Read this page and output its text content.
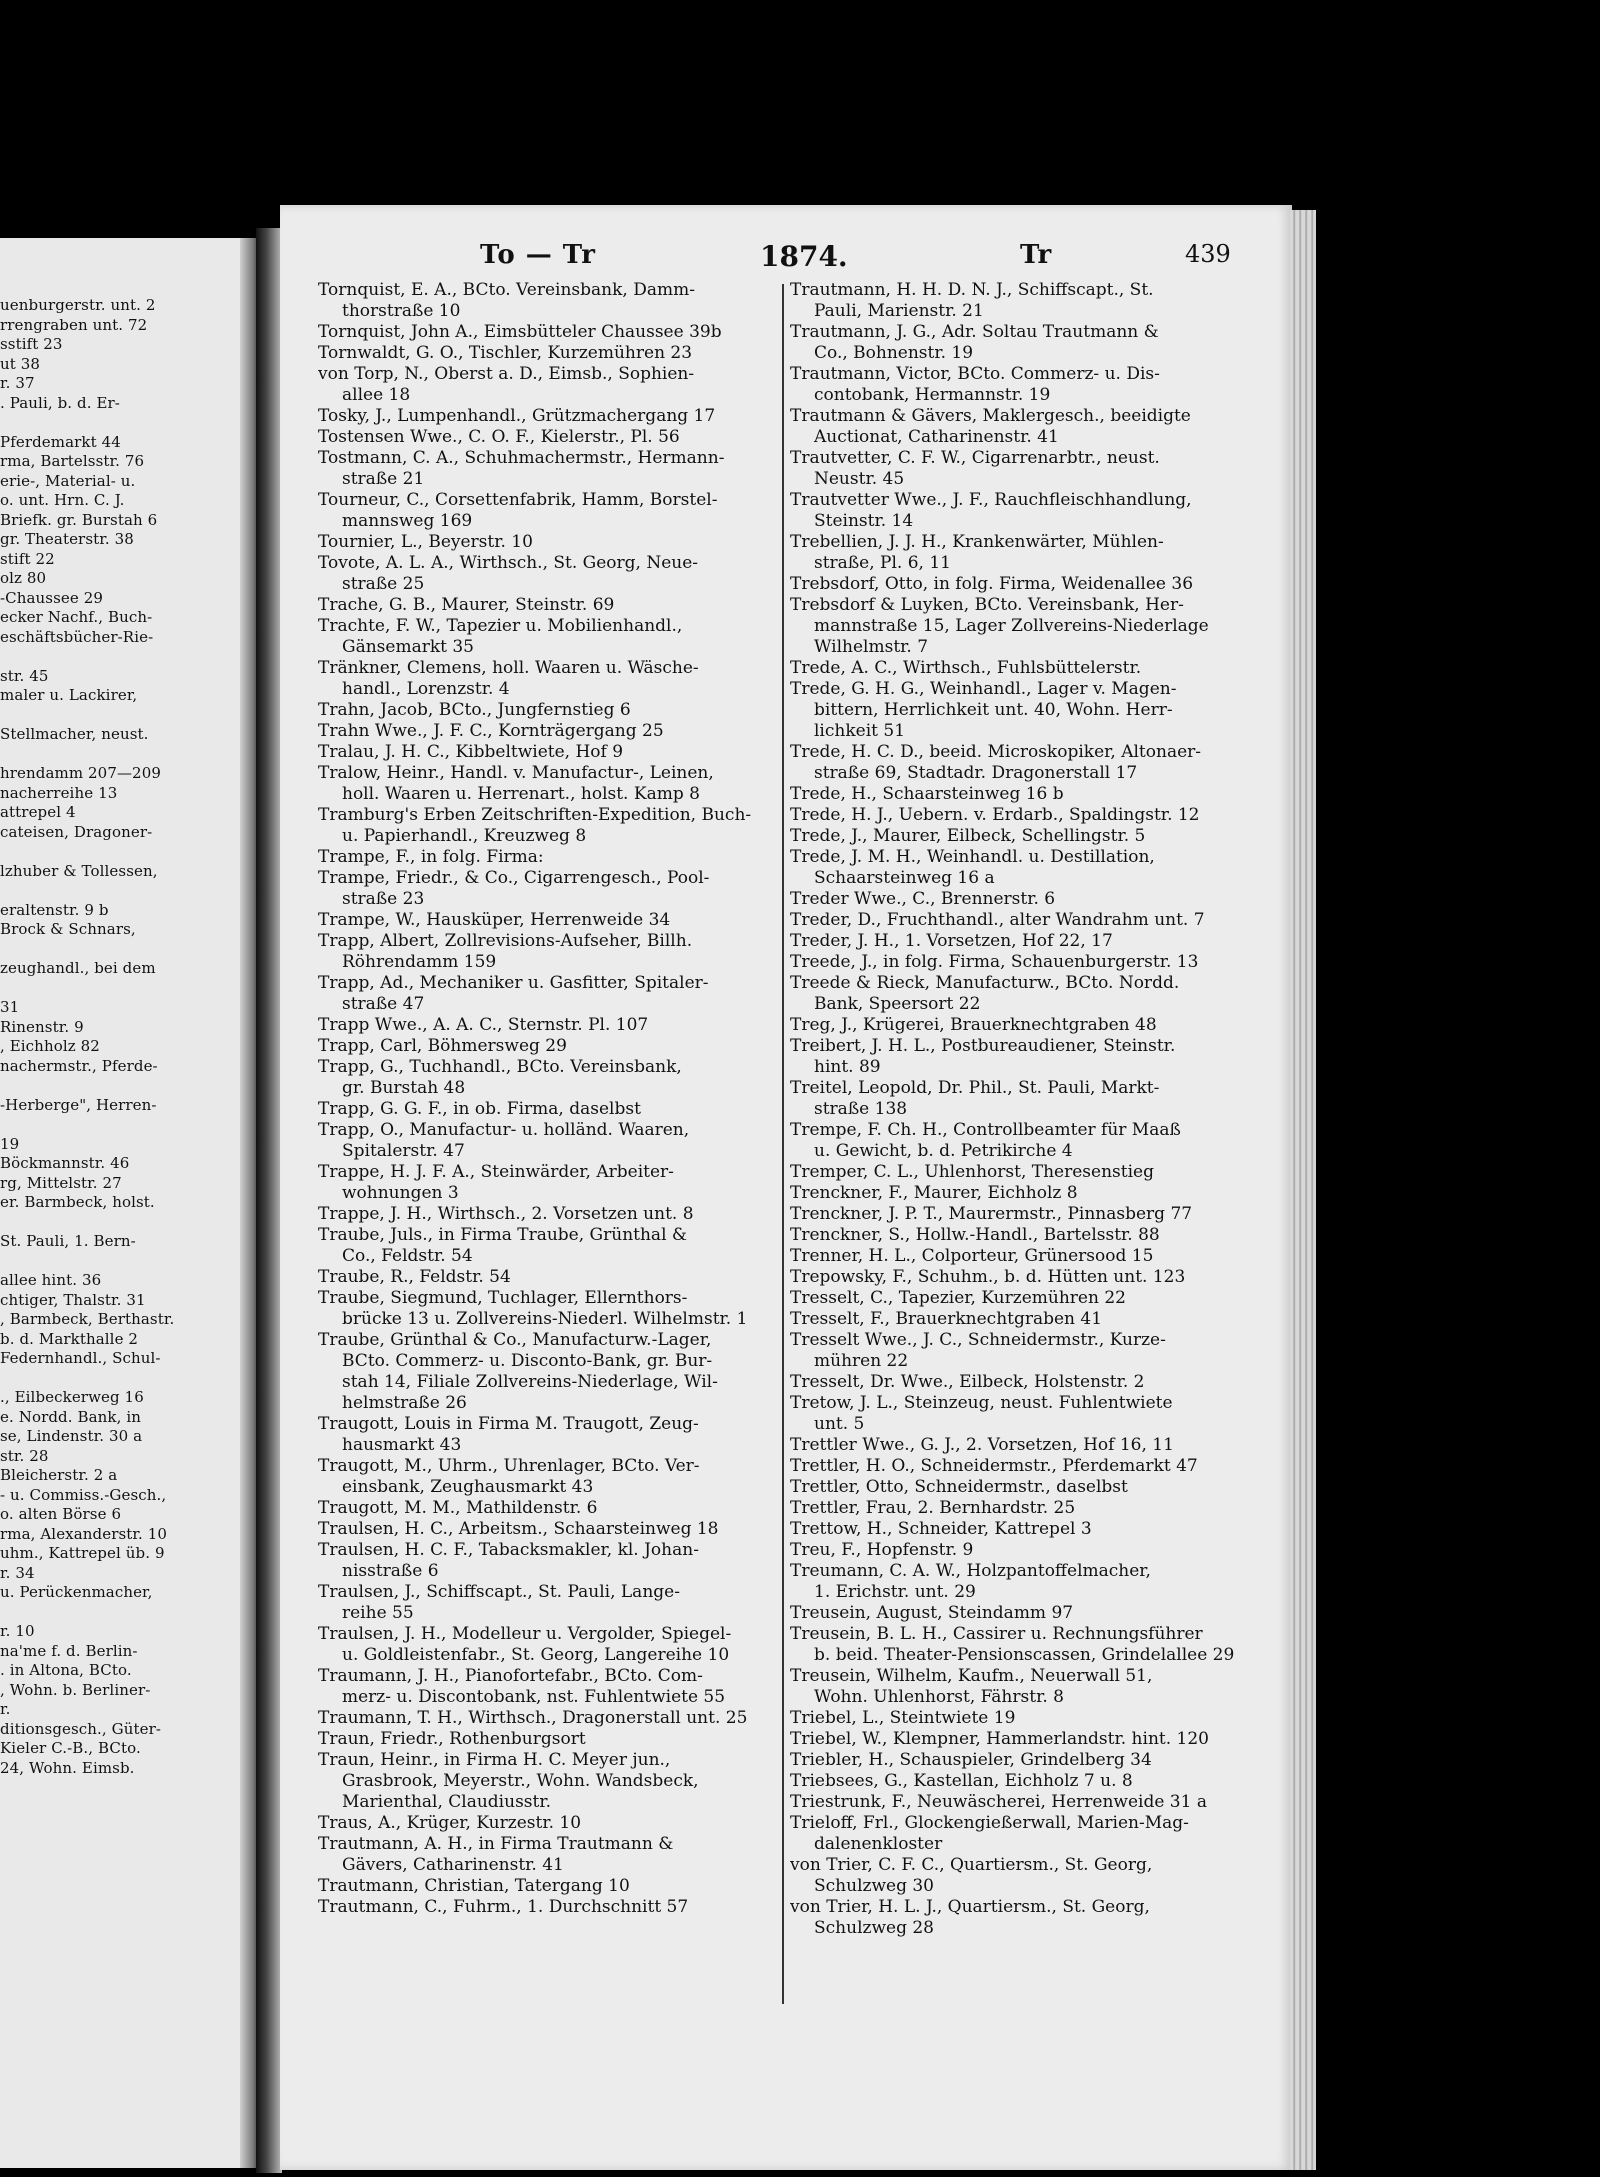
uenburgerstr. unt. 2
rrengraben unt. 72
sstift 23
ut 38
r. 37
. Pauli, b. d. Er-
Pferdemarkt 44
rma, Bartelsstr. 76
erie-, Material- u.
o. unt. Hrn. C. J.
Briefk. gr. Burstah 6
gr. Theaterstr. 38
stift 22
olz 80
-Chaussee 29
ecker Nachf., Buch-
eschäftsbücher-Rie-
str. 45
maler u. Lackirer,
Stellmacher, neust.
hrendamm 207—209
nacherreihe 13
attrepel 4
cateisen, Dragoner-
lzhuber & Tollessen,
eraltenstr. 9 b
Brock & Schnars,
zeughandl., bei dem
31
Rinenstr. 9
, Eichholz 82
nachermstr., Pferde-
-Herberge", Herren-
19
Böckmannstr. 46
rg, Mittelstr. 27
er. Barmbeck, holst.
St. Pauli, 1. Bern-
allee hint. 36
chtiger, Thalstr. 31
, Barmbeck, Berthastr.
b. d. Markthalle 2
Federnhandl., Schul-
., Eilbeckerweg 16
e. Nordd. Bank, in
se, Lindenstr. 30 a
str. 28
Bleicherstr. 2 a
- u. Commiss.-Gesch.,
o. alten Börse 6
rma, Alexanderstr. 10
uhm., Kattrepel üb. 9
r. 34
u. Perückenmacher,
r. 10
na'me f. d. Berlin-
. in Altona, BCto.
, Wohn. b. Berliner-
r.
ditionsgesch., Güter-
Kieler C.-B., BCto.
24, Wohn. Eimsb.
To — Tr	1874.	Tr	439
Tornquist, E. A., BCto. Vereinsbank, Damm-
thorstraße 10
Tornquist, John A., Eimsbütteler Chaussee 39b
Tornwaldt, G. O., Tischler, Kurzemühren 23
von Torp, N., Oberst a. D., Eimsb., Sophien-
allee 18
Tosky, J., Lumpenhandl., Grützmachergang 17
Tostensen Wwe., C. O. F., Kielerstr., Pl. 56
Tostmann, C. A., Schuhmachermstr., Hermann-
straße 21
Tourneur, C., Corsettenfabrik, Hamm, Borstel-
mannsweg 169
Tournier, L., Beyerstr. 10
Tovote, A. L. A., Wirthsch., St. Georg, Neue-
straße 25
Trache, G. B., Maurer, Steinstr. 69
Trachte, F. W., Tapezier u. Mobilienhandl.,
Gänsemarkt 35
Tränkner, Clemens, holl. Waaren u. Wäsche-
handl., Lorenzstr. 4
Trahn, Jacob, BCto., Jungfernstieg 6
Trahn Wwe., J. F. C., Kornträgergang 25
Tralau, J. H. C., Kibbeltwiete, Hof 9
Tralow, Heinr., Handl. v. Manufactur-, Leinen,
holl. Waaren u. Herrenart., holst. Kamp 8
Tramburg's Erben Zeitschriften-Expedition, Buch-
u. Papierhandl., Kreuzweg 8
Trampe, F., in folg. Firma:
Trampe, Friedr., & Co., Cigarrengesch., Pool-
straße 23
Trampe, W., Hausküper, Herrenweide 34
Trapp, Albert, Zollrevisions-Aufseher, Billh.
Röhrendamm 159
Trapp, Ad., Mechaniker u. Gasfitter, Spitaler-
straße 47
Trapp Wwe., A. A. C., Sternstr. Pl. 107
Trapp, Carl, Böhmersweg 29
Trapp, G., Tuchhandl., BCto. Vereinsbank,
gr. Burstah 48
Trapp, G. G. F., in ob. Firma, daselbst
Trapp, O., Manufactur- u. holländ. Waaren,
Spitalerstr. 47
Trappe, H. J. F. A., Steinwärder, Arbeiter-
wohnungen 3
Trappe, J. H., Wirthsch., 2. Vorsetzen unt. 8
Traube, Juls., in Firma Traube, Grünthal &
Co., Feldstr. 54
Traube, R., Feldstr. 54
Traube, Siegmund, Tuchlager, Ellernthors-
brücke 13 u. Zollvereins-Niederl. Wilhelmstr. 1
Traube, Grünthal & Co., Manufacturw.-Lager,
BCto. Commerz- u. Disconto-Bank, gr. Bur-
stah 14, Filiale Zollvereins-Niederlage, Wil-
helmstraße 26
Traugott, Louis in Firma M. Traugott, Zeug-
hausmarkt 43
Traugott, M., Uhrm., Uhrenlager, BCto. Ver-
einsbank, Zeughausmarkt 43
Traugott, M. M., Mathildenstr. 6
Traulsen, H. C., Arbeitsm., Schaarsteinweg 18
Traulsen, H. C. F., Tabacksmakler, kl. Johan-
nisstraße 6
Traulsen, J., Schiffscapt., St. Pauli, Lange-
reihe 55
Traulsen, J. H., Modelleur u. Vergolder, Spiegel-
u. Goldleistenfabr., St. Georg, Langereihe 10
Traumann, J. H., Pianofortefabr., BCto. Com-
merz- u. Discontobank, nst. Fuhlentwiete 55
Traumann, T. H., Wirthsch., Dragonerstall unt. 25
Traun, Friedr., Rothenburgsort
Traun, Heinr., in Firma H. C. Meyer jun.,
Grasbrook, Meyerstr., Wohn. Wandsbeck,
Marienthal, Claudiusstr.
Traus, A., Krüger, Kurzestr. 10
Trautmann, A. H., in Firma Trautmann &
Gävers, Catharinenstr. 41
Trautmann, Christian, Tatergang 10
Trautmann, C., Fuhrm., 1. Durchschnitt 57
Trautmann, H. H. D. N. J., Schiffscapt., St.
Pauli, Marienstr. 21
Trautmann, J. G., Adr. Soltau Trautmann &
Co., Bohnenstr. 19
Trautmann, Victor, BCto. Commerz- u. Dis-
contobank, Hermannstr. 19
Trautmann & Gävers, Maklergesch., beeidigte
Auctionat, Catharinenstr. 41
Trautvetter, C. F. W., Cigarrenarbtr., neust.
Neustr. 45
Trautvetter Wwe., J. F., Rauchfleischhandlung,
Steinstr. 14
Trebellien, J. J. H., Krankenwärter, Mühlen-
straße, Pl. 6, 11
Trebsdorf, Otto, in folg. Firma, Weidenallee 36
Trebsdorf & Luyken, BCto. Vereinsbank, Her-
mannstraße 15, Lager Zollvereins-Niederlage
Wilhelmstr. 7
Trede, A. C., Wirthsch., Fuhlsbüttelerstr.
Trede, G. H. G., Weinhandl., Lager v. Magen-
bittern, Herrlichkeit unt. 40, Wohn. Herr-
lichkeit 51
Trede, H. C. D., beeid. Microskopiker, Altonaer-
straße 69, Stadtadr. Dragonerstall 17
Trede, H., Schaarsteinweg 16 b
Trede, H. J., Uebern. v. Erdarb., Spaldingstr. 12
Trede, J., Maurer, Eilbeck, Schellingstr. 5
Trede, J. M. H., Weinhandl. u. Destillation,
Schaarsteinweg 16 a
Treder Wwe., C., Brennerstr. 6
Treder, D., Fruchthandl., alter Wandrahm unt. 7
Treder, J. H., 1. Vorsetzen, Hof 22, 17
Treede, J., in folg. Firma, Schauenburgerstr. 13
Treede & Rieck, Manufacturw., BCto. Nordd.
Bank, Speersort 22
Treg, J., Krügerei, Brauerknechtgraben 48
Treibert, J. H. L., Postbureaudiener, Steinstr.
hint. 89
Treitel, Leopold, Dr. Phil., St. Pauli, Markt-
straße 138
Trempe, F. Ch. H., Controllbeamter für Maaß
u. Gewicht, b. d. Petrikirche 4
Tremper, C. L., Uhlenhorst, Theresenstieg
Trenckner, F., Maurer, Eichholz 8
Trenckner, J. P. T., Maurermstr., Pinnasberg 77
Trenckner, S., Hollw.-Handl., Bartelsstr. 88
Trenner, H. L., Colporteur, Grünersood 15
Trepowsky, F., Schuhm., b. d. Hütten unt. 123
Tresselt, C., Tapezier, Kurzemühren 22
Tresselt, F., Brauerknechtgraben 41
Tresselt Wwe., J. C., Schneidermstr., Kurze-
mühren 22
Tresselt, Dr. Wwe., Eilbeck, Holstenstr. 2
Tretow, J. L., Steinzeug, neust. Fuhlentwiete
unt. 5
Trettler Wwe., G. J., 2. Vorsetzen, Hof 16, 11
Trettler, H. O., Schneidermstr., Pferdemarkt 47
Trettler, Otto, Schneidermstr., daselbst
Trettler, Frau, 2. Bernhardstr. 25
Trettow, H., Schneider, Kattrepel 3
Treu, F., Hopfenstr. 9
Treumann, C. A. W., Holzpantoffelmacher,
1. Erichstr. unt. 29
Treusein, August, Steindamm 97
Treusein, B. L. H., Cassirer u. Rechnungsführer
b. beid. Theater-Pensionscassen, Grindelallee 29
Treusein, Wilhelm, Kaufm., Neuerwall 51,
Wohn. Uhlenhorst, Fährstr. 8
Triebel, L., Steintwiete 19
Triebel, W., Klempner, Hammerlandstr. hint. 120
Triebler, H., Schauspieler, Grindelberg 34
Triebsees, G., Kastellan, Eichholz 7 u. 8
Triestrunk, F., Neuwäscherei, Herrenweide 31 a
Trieloff, Frl., Glockengießerwall, Marien-Mag-
dalenenkloster
von Trier, C. F. C., Quartiersm., St. Georg,
Schulzweg 30
von Trier, H. L. J., Quartiersm., St. Georg,
Schulzweg 28
